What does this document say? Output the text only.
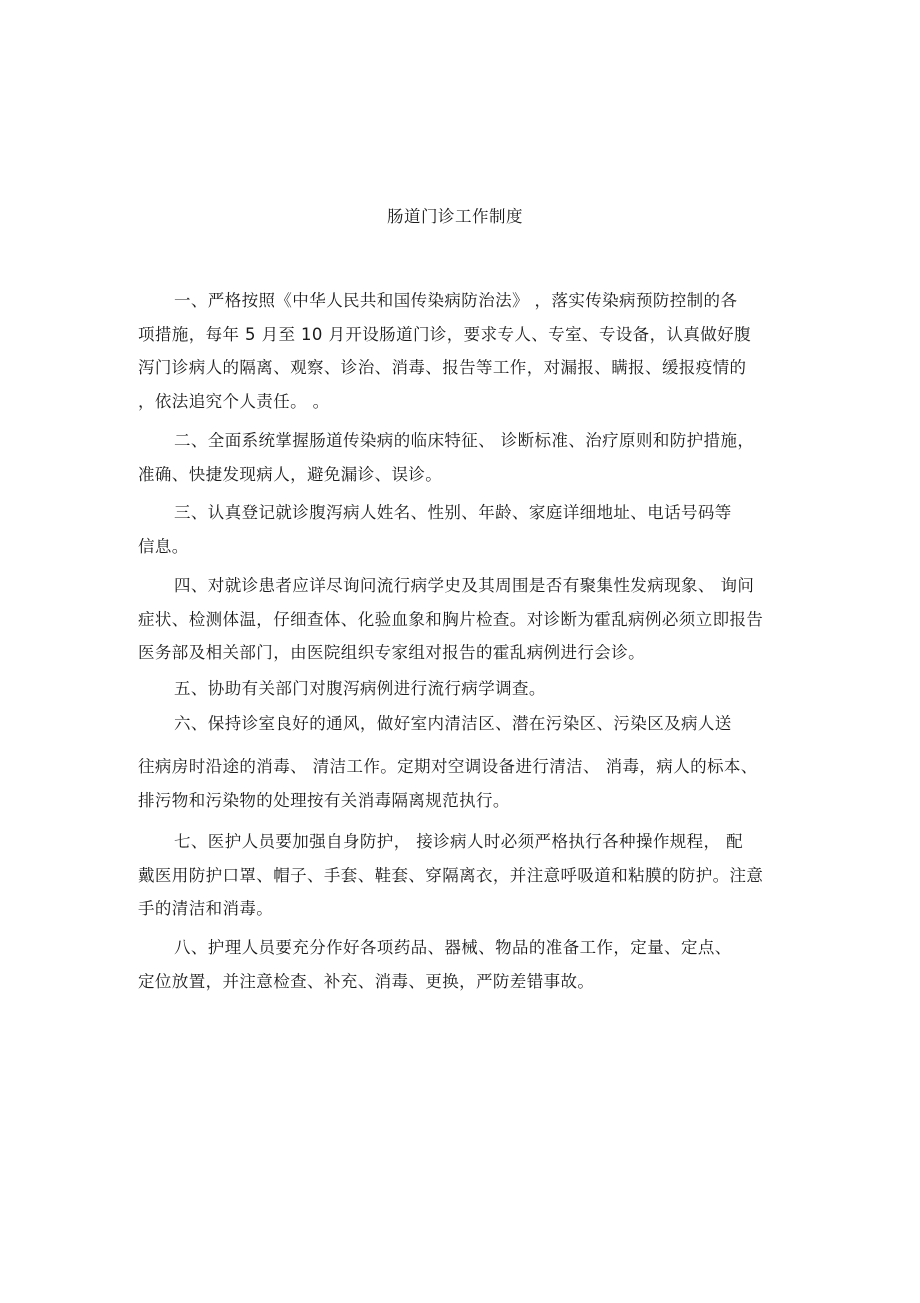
肠道门诊工作制度
一、严格按照《中华人民共和国传染病防治法》 ，落实传染病预防控制的各
项措施，每年 5 月至 10 月开设肠道门诊，要求专人、专室、专设备，认真做好腹
泻门诊病人的隔离、观察、诊治、消毒、报告等工作，对漏报、瞒报、缓报疫情的
，依法追究个人责任。 。
二、全面系统掌握肠道传染病的临床特征、 诊断标准、治疗原则和防护措施，
准确、快捷发现病人，避免漏诊、误诊。
三、认真登记就诊腹泻病人姓名、性别、年龄、家庭详细地址、电话号码等
信息。
四、对就诊患者应详尽询问流行病学史及其周围是否有聚集性发病现象、 询问
症状、检测体温，仔细查体、化验血象和胸片检查。对诊断为霍乱病例必须立即报告
医务部及相关部门，由医院组织专家组对报告的霍乱病例进行会诊。
五、协助有关部门对腹泻病例进行流行病学调查。
六、保持诊室良好的通风，做好室内清洁区、潜在污染区、污染区及病人送
往病房时沿途的消毒、 清洁工作。定期对空调设备进行清洁、 消毒，病人的标本、
排污物和污染物的处理按有关消毒隔离规范执行。
七、医护人员要加强自身防护， 接诊病人时必须严格执行各种操作规程， 配
戴医用防护口罩、帽子、手套、鞋套、穿隔离衣，并注意呼吸道和粘膜的防护。注意
手的清洁和消毒。
八、护理人员要充分作好各项药品、器械、物品的准备工作，定量、定点、
定位放置，并注意检查、补充、消毒、更换，严防差错事故。
